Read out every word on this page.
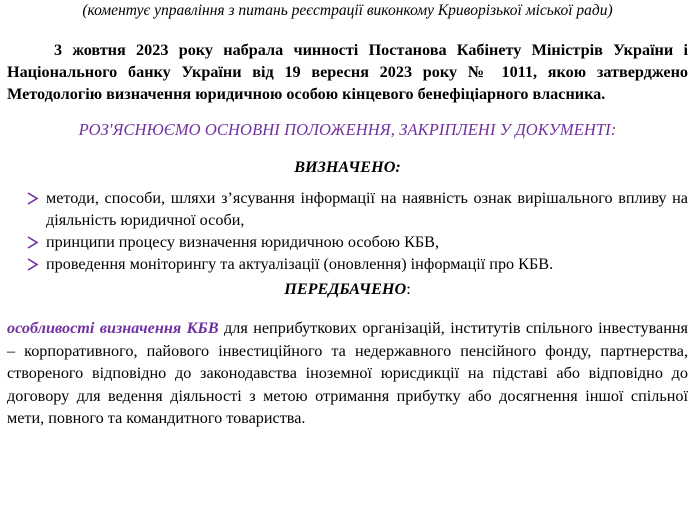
(коментує управління з питань реєстрації виконкому Криворізької міської ради)

3 жовтня 2023 року набрала чинності Постанова Кабінету Міністрів України і Національного банку України від 19 вересня 2023 року № 1011, якою затверджено Методологію визначення юридичною особою кінцевого бенефіціарного власника.

РОЗ'ЯСНЮЄМО ОСНОВНІ ПОЛОЖЕННЯ, ЗАКРІПЛЕНІ У ДОКУМЕНТІ:

ВИЗНАЧЕНО:

методи, способи, шляхи з’ясування інформації на наявність ознак вирішального впливу на діяльність юридичної особи,
принципи процесу визначення юридичною особою КБВ,
проведення моніторингу та актуалізації (оновлення) інформації про КБВ.

ПЕРЕДБАЧЕНО:

особливості визначення КБВ для неприбуткових організацій, інститутів спільного інвестування – корпоративного, пайового інвестиційного та недержавного пенсійного фонду, партнерства, створеного відповідно до законодавства іноземної юрисдикції на підставі або відповідно до договору для ведення діяльності з метою отримання прибутку або досягнення іншої спільної мети, повного та командитного товариства.
